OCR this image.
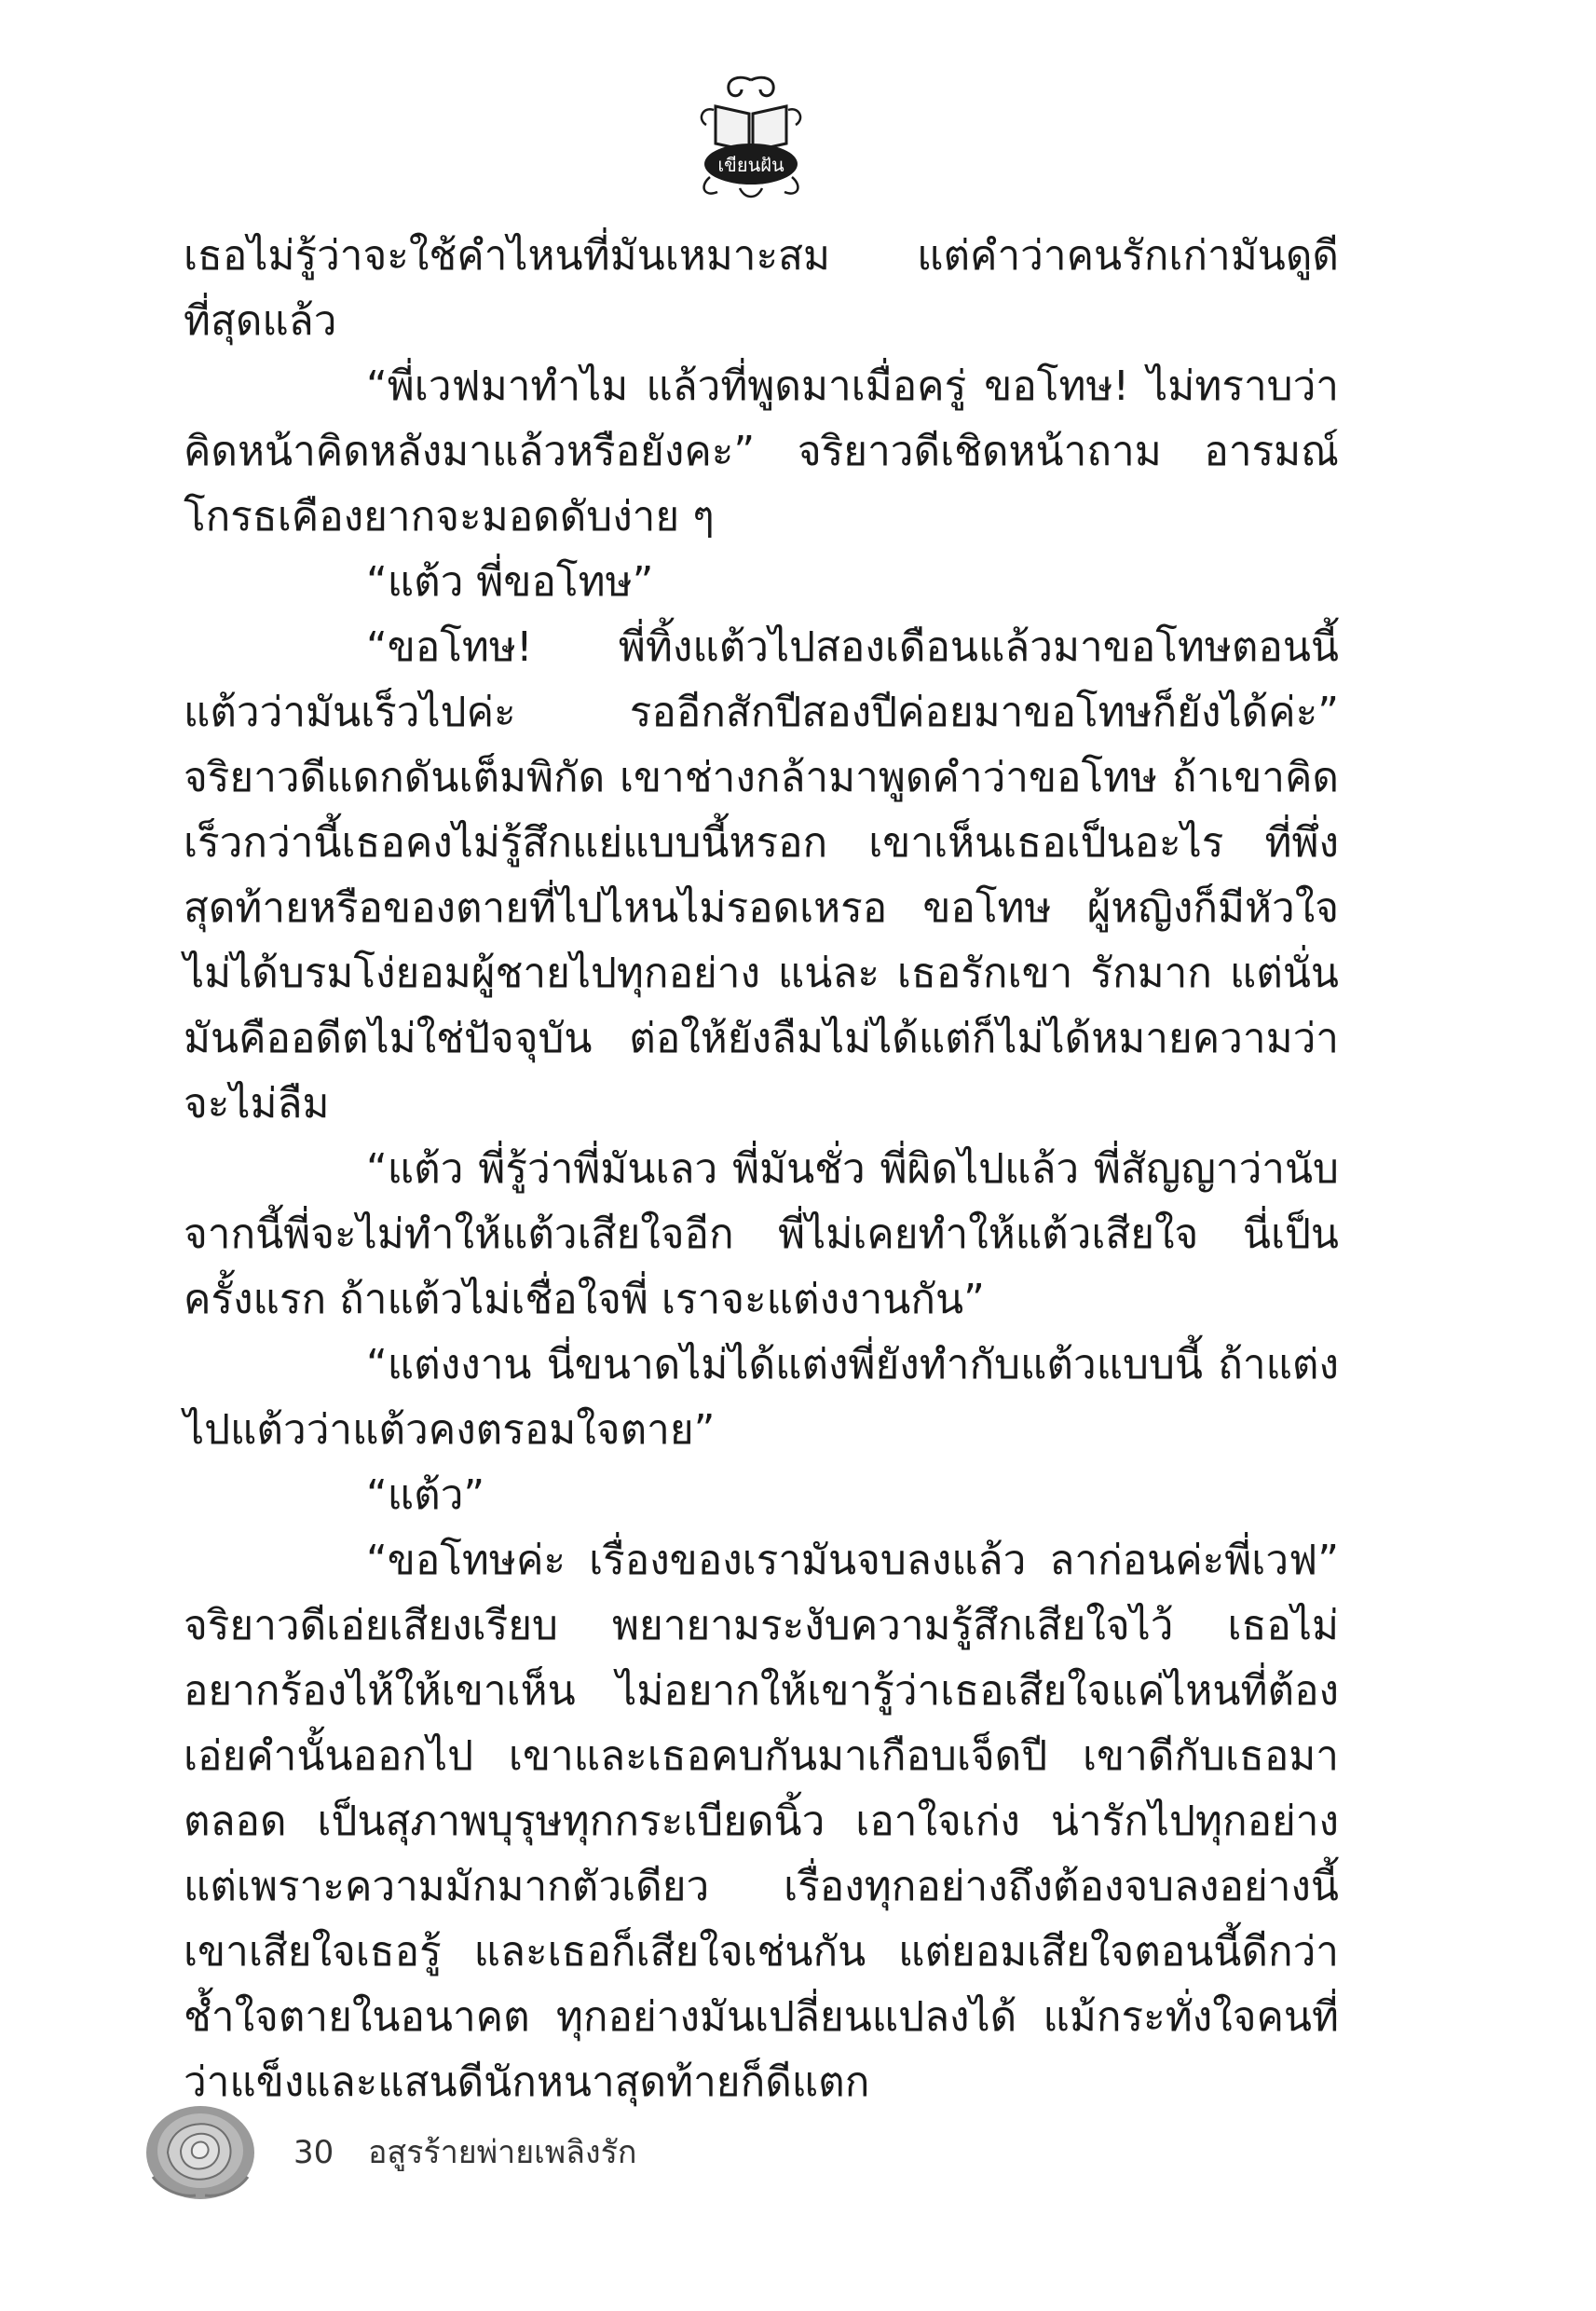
เขียนฝัน

เธอไม่รู้ว่าจะใช้คำไหนที่มันเหมาะสม แต่คำว่าคนรักเก่ามันดูดีที่สุดแล้ว

“พี่เวฟมาทำไม แล้วที่พูดมาเมื่อครู่ ขอโทษ! ไม่ทราบว่าคิดหน้าคิดหลังมาแล้วหรือยังคะ” จริยาวดีเชิดหน้าถาม อารมณ์โกรธเคืองยากจะมอดดับง่าย ๆ

“แต้ว พี่ขอโทษ”

“ขอโทษ! พี่ทิ้งแต้วไปสองเดือนแล้วมาขอโทษตอนนี้ แต้วว่ามันเร็วไปค่ะ รออีกสักปีสองปีค่อยมาขอโทษก็ยังได้ค่ะ” จริยาวดีแดกดันเต็มพิกัด เขาช่างกล้ามาพูดคำว่าขอโทษ ถ้าเขาคิดเร็วกว่านี้เธอคงไม่รู้สึกแย่แบบนี้หรอก เขาเห็นเธอเป็นอะไร ที่พึ่งสุดท้ายหรือของตายที่ไปไหนไม่รอดเหรอ ขอโทษ ผู้หญิงก็มีหัวใจ ไม่ได้บรมโง่ยอมผู้ชายไปทุกอย่าง แน่ละ เธอรักเขา รักมาก แต่นั่นมันคืออดีตไม่ใช่ปัจจุบัน ต่อให้ยังลืมไม่ได้แต่ก็ไม่ได้หมายความว่าจะไม่ลืม

“แต้ว พี่รู้ว่าพี่มันเลว พี่มันชั่ว พี่ผิดไปแล้ว พี่สัญญาว่านับจากนี้พี่จะไม่ทำให้แต้วเสียใจอีก พี่ไม่เคยทำให้แต้วเสียใจ นี่เป็นครั้งแรก ถ้าแต้วไม่เชื่อใจพี่ เราจะแต่งงานกัน”

“แต่งงาน นี่ขนาดไม่ได้แต่งพี่ยังทำกับแต้วแบบนี้ ถ้าแต่งไปแต้วว่าแต้วคงตรอมใจตาย”

“แต้ว”

“ขอโทษค่ะ เรื่องของเรามันจบลงแล้ว ลาก่อนค่ะพี่เวฟ” จริยาวดีเอ่ยเสียงเรียบ พยายามระงับความรู้สึกเสียใจไว้ เธอไม่อยากร้องไห้ให้เขาเห็น ไม่อยากให้เขารู้ว่าเธอเสียใจแค่ไหนที่ต้องเอ่ยคำนั้นออกไป เขาและเธอคบกันมาเกือบเจ็ดปี เขาดีกับเธอมาตลอด เป็นสุภาพบุรุษทุกกระเบียดนิ้ว เอาใจเก่ง น่ารักไปทุกอย่าง แต่เพราะความมักมากตัวเดียว เรื่องทุกอย่างถึงต้องจบลงอย่างนี้ เขาเสียใจเธอรู้ และเธอก็เสียใจเช่นกัน แต่ยอมเสียใจตอนนี้ดีกว่าช้ำใจตายในอนาคต ทุกอย่างมันเปลี่ยนแปลงได้ แม้กระทั่งใจคนที่ว่าแข็งและแสนดีนักหนาสุดท้ายก็ดีแตก

30 อสูรร้ายพ่ายเพลิงรัก
